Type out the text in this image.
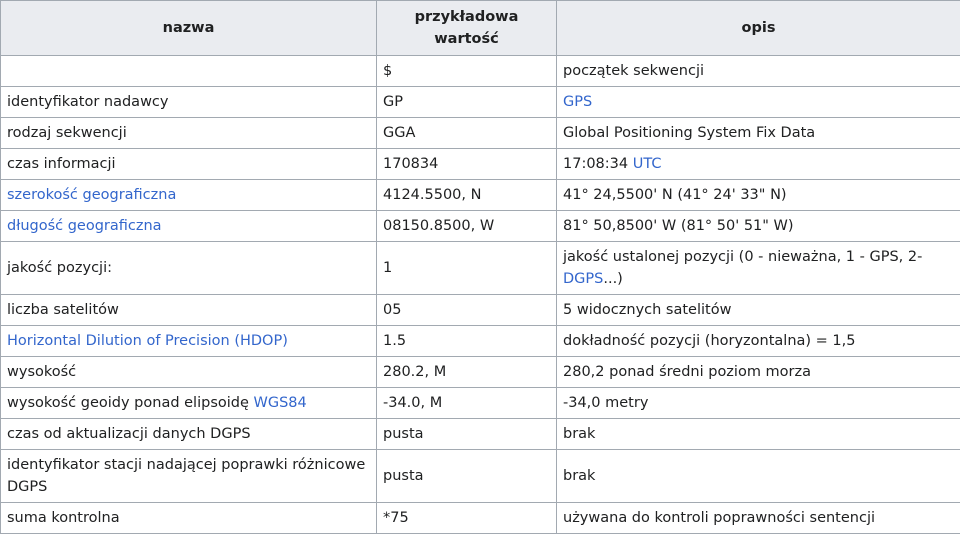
nazwa	przykładowa wartość	opis
	$	początek sekwencji
identyfikator nadawcy	GP	GPS
rodzaj sekwencji	GGA	Global Positioning System Fix Data
czas informacji	170834	17:08:34 UTC
szerokość geograficzna	4124.5500, N	41° 24,5500' N (41° 24' 33" N)
długość geograficzna	08150.8500, W	81° 50,8500' W (81° 50' 51" W)
jakość pozycji:	1	jakość ustalonej pozycji (0 - nieważna, 1 - GPS, 2-
DGPS...)
liczba satelitów	05	5 widocznych satelitów
Horizontal Dilution of Precision (HDOP)	1.5	dokładność pozycji (horyzontalna) = 1,5
wysokość	280.2, M	280,2 ponad średni poziom morza
wysokość geoidy ponad elipsoidę WGS84	-34.0, M	-34,0 metry
czas od aktualizacji danych DGPS	pusta	brak
identyfikator stacji nadającej poprawki różnicowe DGPS	pusta	brak
suma kontrolna	*75	używana do kontroli poprawności sentencji
